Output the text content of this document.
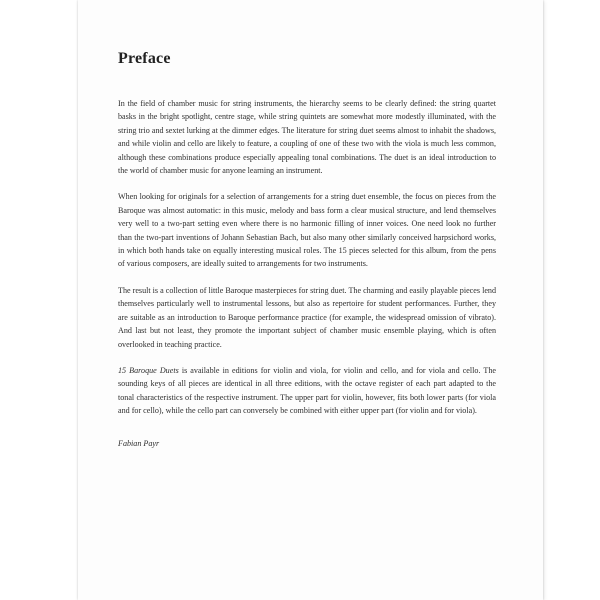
Preface

In the field of chamber music for string instruments, the hierarchy seems to be clearly defined: the string quartet basks in the bright spotlight, centre stage, while string quintets are somewhat more modestly illuminated, with the string trio and sextet lurking at the dimmer edges. The literature for string duet seems almost to inhabit the shadows, and while violin and cello are likely to feature, a coupling of one of these two with the viola is much less common, although these combinations produce especially appealing tonal combinations. The duet is an ideal introduction to the world of chamber music for anyone learning an instrument.

When looking for originals for a selection of arrangements for a string duet ensemble, the focus on pieces from the Baroque was almost automatic: in this music, melody and bass form a clear musical structure, and lend themselves very well to a two-part setting even where there is no harmonic filling of inner voices. One need look no further than the two-part inventions of Johann Sebastian Bach, but also many other similarly conceived harpsichord works, in which both hands take on equally interesting musical roles. The 15 pieces selected for this album, from the pens of various composers, are ideally suited to arrangements for two instruments.

The result is a collection of little Baroque masterpieces for string duet. The charming and easily playable pieces lend themselves particularly well to instrumental lessons, but also as repertoire for student performances. Further, they are suitable as an introduction to Baroque performance practice (for example, the widespread omission of vibrato). And last but not least, they promote the important subject of chamber music ensemble playing, which is often overlooked in teaching practice.

15 Baroque Duets is available in editions for violin and viola, for violin and cello, and for viola and cello. The sounding keys of all pieces are identical in all three editions, with the octave register of each part adapted to the tonal characteristics of the respective instrument. The upper part for violin, however, fits both lower parts (for viola and for cello), while the cello part can conversely be combined with either upper part (for violin and for viola).

Fabian Payr
